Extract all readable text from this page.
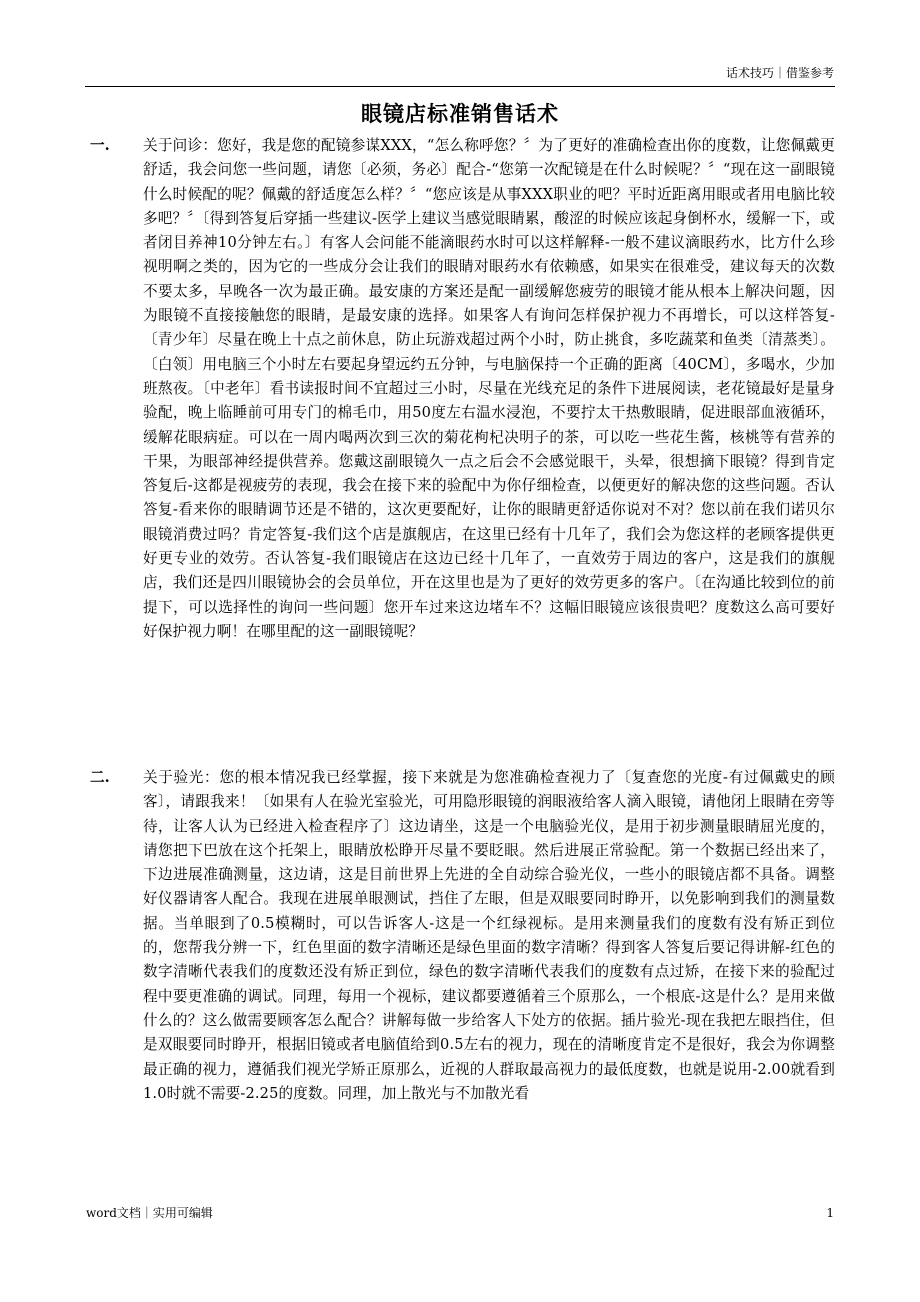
话术技巧｜借鉴参考
眼镜店标准销售话术
一.	关于问诊：您好，我是您的配镜参谋XXX，“怎么称呼您？〞为了更好的准确检查出你的度数，让您佩戴更舒适，我会问您一些问题，请您〔必须，务必〕配合-“您第一次配镜是在什么时候呢？〞“现在这一副眼镜什么时候配的呢？佩戴的舒适度怎么样？〞“您应该是从事XXX职业的吧？平时近距离用眼或者用电脑比较多吧？〞〔得到答复后穿插一些建议-医学上建议当感觉眼睛累，酸涩的时候应该起身倒杯水，缓解一下，或者闭目养神10分钟左右。〕有客人会问能不能滴眼药水时可以这样解释-一般不建议滴眼药水，比方什么珍视明啊之类的，因为它的一些成分会让我们的眼睛对眼药水有依赖感，如果实在很难受，建议每天的次数不要太多，早晚各一次为最正确。最安康的方案还是配一副缓解您疲劳的眼镜才能从根本上解决问题，因为眼镜不直接接触您的眼睛，是最安康的选择。如果客人有询问怎样保护视力不再增长，可以这样答复-〔青少年〕尽量在晚上十点之前休息，防止玩游戏超过两个小时，防止挑食，多吃蔬菜和鱼类〔清蒸类〕。〔白领〕用电脑三个小时左右要起身望远约五分钟，与电脑保持一个正确的距离〔40CM〕，多喝水，少加班熬夜。〔中老年〕看书读报时间不宜超过三小时，尽量在光线充足的条件下进展阅读，老花镜最好是量身验配，晚上临睡前可用专门的棉毛巾，用50度左右温水浸泡，不要拧太干热敷眼睛，促进眼部血液循环，缓解花眼病症。可以在一周内喝两次到三次的菊花枸杞决明子的茶，可以吃一些花生酱，核桃等有营养的干果，为眼部神经提供营养。您戴这副眼镜久一点之后会不会感觉眼干，头晕，很想摘下眼镜？得到肯定答复后-这都是视疲劳的表现，我会在接下来的验配中为你仔细检查，以便更好的解决您的这些问题。否认答复-看来你的眼睛调节还是不错的，这次更要配好，让你的眼睛更舒适你说对不对？您以前在我们诺贝尔眼镜消费过吗？肯定答复-我们这个店是旗舰店，在这里已经有十几年了，我们会为您这样的老顾客提供更好更专业的效劳。否认答复-我们眼镜店在这边已经十几年了，一直效劳于周边的客户，这是我们的旗舰店，我们还是四川眼镜协会的会员单位，开在这里也是为了更好的效劳更多的客户。〔在沟通比较到位的前提下，可以选择性的询问一些问题〕您开车过来这边堵车不？这幅旧眼镜应该很贵吧？度数这么高可要好好保护视力啊！在哪里配的这一副眼镜呢？
二.	关于验光：您的根本情况我已经掌握，接下来就是为您准确检查视力了〔复查您的光度-有过佩戴史的顾客〕，请跟我来！〔如果有人在验光室验光，可用隐形眼镜的润眼液给客人滴入眼镜，请他闭上眼睛在旁等待，让客人认为已经进入检查程序了〕这边请坐，这是一个电脑验光仪，是用于初步测量眼睛屈光度的，请您把下巴放在这个托架上，眼睛放松睁开尽量不要眨眼。然后进展正常验配。第一个数据已经出来了，下边进展准确测量，这边请，这是目前世界上先进的全自动综合验光仪，一些小的眼镜店都不具备。调整好仪器请客人配合。我现在进展单眼测试，挡住了左眼，但是双眼要同时睁开，以免影响到我们的测量数据。当单眼到了0.5模糊时，可以告诉客人-这是一个红绿视标。是用来测量我们的度数有没有矫正到位的，您帮我分辨一下，红色里面的数字清晰还是绿色里面的数字清晰？得到客人答复后要记得讲解-红色的数字清晰代表我们的度数还没有矫正到位，绿色的数字清晰代表我们的度数有点过矫，在接下来的验配过程中要更准确的调试。同理，每用一个视标，建议都要遵循着三个原那么，一个根底-这是什么？是用来做什么的？这么做需要顾客怎么配合？讲解每做一步给客人下处方的依据。插片验光-现在我把左眼挡住，但是双眼要同时睁开，根据旧镜或者电脑值给到0.5左右的视力，现在的清晰度肯定不是很好，我会为你调整最正确的视力，遵循我们视光学矫正原那么，近视的人群取最高视力的最低度数，也就是说用-2.00就看到1.0时就不需要-2.25的度数。同理，加上散光与不加散光看
word文档｜实用可编辑	1
